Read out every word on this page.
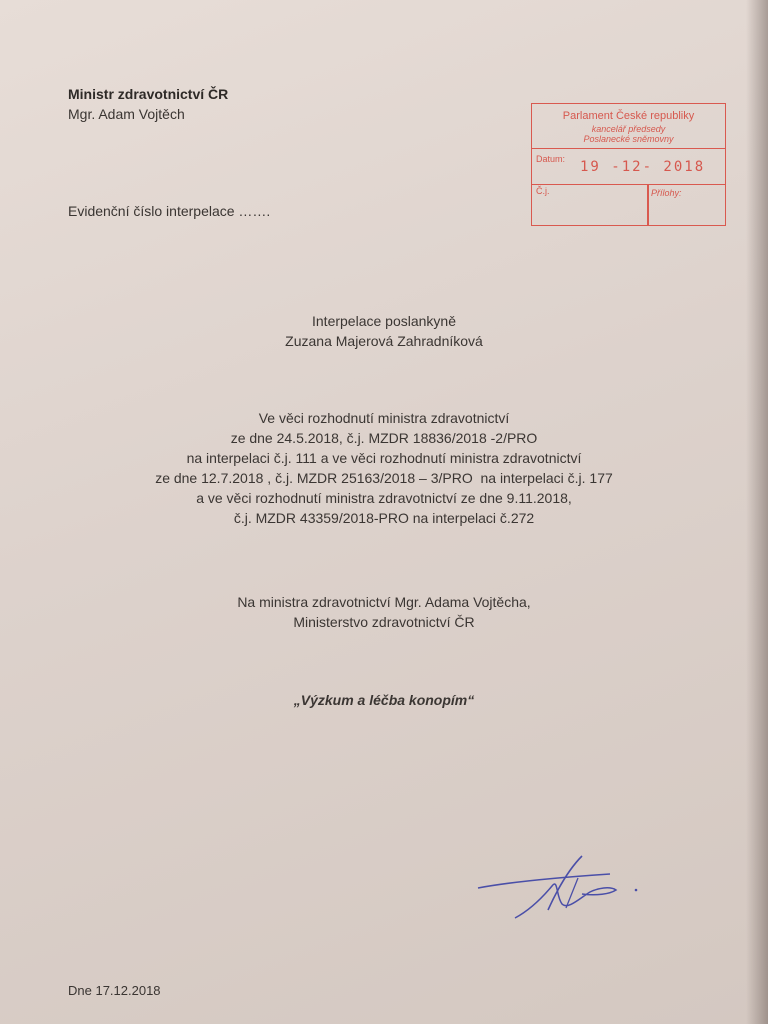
Ministr zdravotnictví ČR
Mgr. Adam Vojtěch
Evidenční číslo interpelace …….
Parlament České republiky
kancelář předsedy
Poslanecké sněmovny
Datum: 19 -12- 2018
Č.j.	Přílohy:
Interpelace poslankyně
Zuzana Majerová Zahradníková
Ve věci rozhodnutí ministra zdravotnictví
ze dne 24.5.2018, č.j. MZDR 18836/2018 -2/PRO
na interpelaci č.j. 111 a ve věci rozhodnutí ministra zdravotnictví
ze dne 12.7.2018 , č.j. MZDR 25163/2018 – 3/PRO  na interpelaci č.j. 177
a ve věci rozhodnutí ministra zdravotnictví ze dne 9.11.2018,
č.j. MZDR 43359/2018-PRO na interpelaci č.272
Na ministra zdravotnictví Mgr. Adama Vojtěcha,
Ministerstvo zdravotnictví ČR
„Výzkum a léčba konopím“
Dne 17.12.2018
